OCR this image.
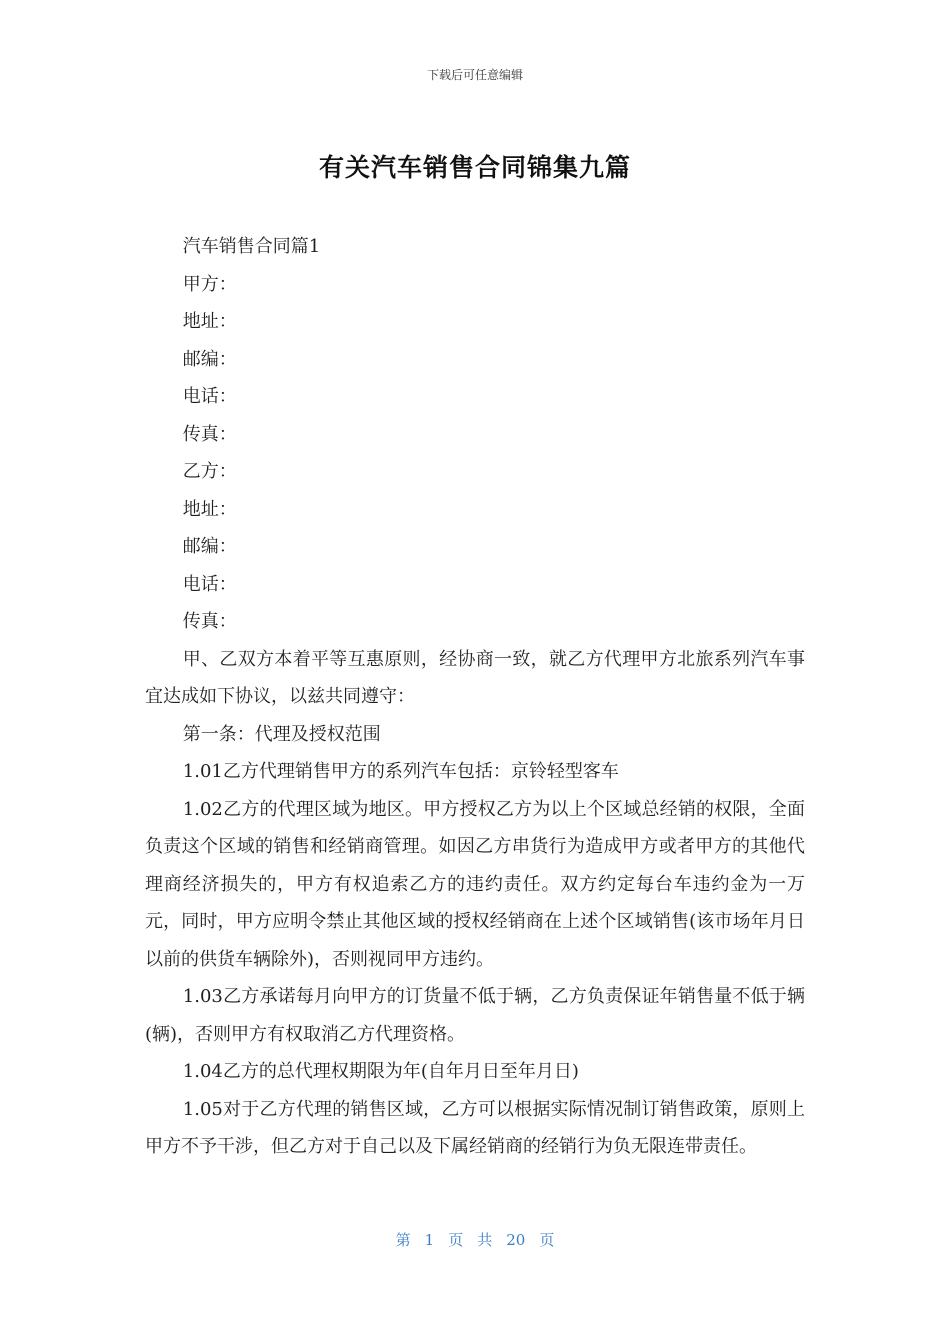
下载后可任意编辑
有关汽车销售合同锦集九篇

汽车销售合同篇1

甲方：

地址：

邮编：

电话：

传真：

乙方：

地址：

邮编：

电话：

传真：

甲、乙双方本着平等互惠原则，经协商一致，就乙方代理甲方北旅系列汽车事宜达成如下协议，以兹共同遵守：

第一条：代理及授权范围

1.01乙方代理销售甲方的系列汽车包括：京铃轻型客车

1.02乙方的代理区域为地区。甲方授权乙方为以上个区域总经销的权限，全面负责这个区域的销售和经销商管理。如因乙方串货行为造成甲方或者甲方的其他代理商经济损失的，甲方有权追索乙方的违约责任。双方约定每台车违约金为一万元，同时，甲方应明令禁止其他区域的授权经销商在上述个区域销售(该市场年月日以前的供货车辆除外)，否则视同甲方违约。

1.03乙方承诺每月向甲方的订货量不低于辆，乙方负责保证年销售量不低于辆(辆)，否则甲方有权取消乙方代理资格。

1.04乙方的总代理权期限为年(自年月日至年月日)

1.05对于乙方代理的销售区域，乙方可以根据实际情况制订销售政策，原则上甲方不予干涉，但乙方对于自己以及下属经销商的经销行为负无限连带责任。

第 1 页 共 20 页
